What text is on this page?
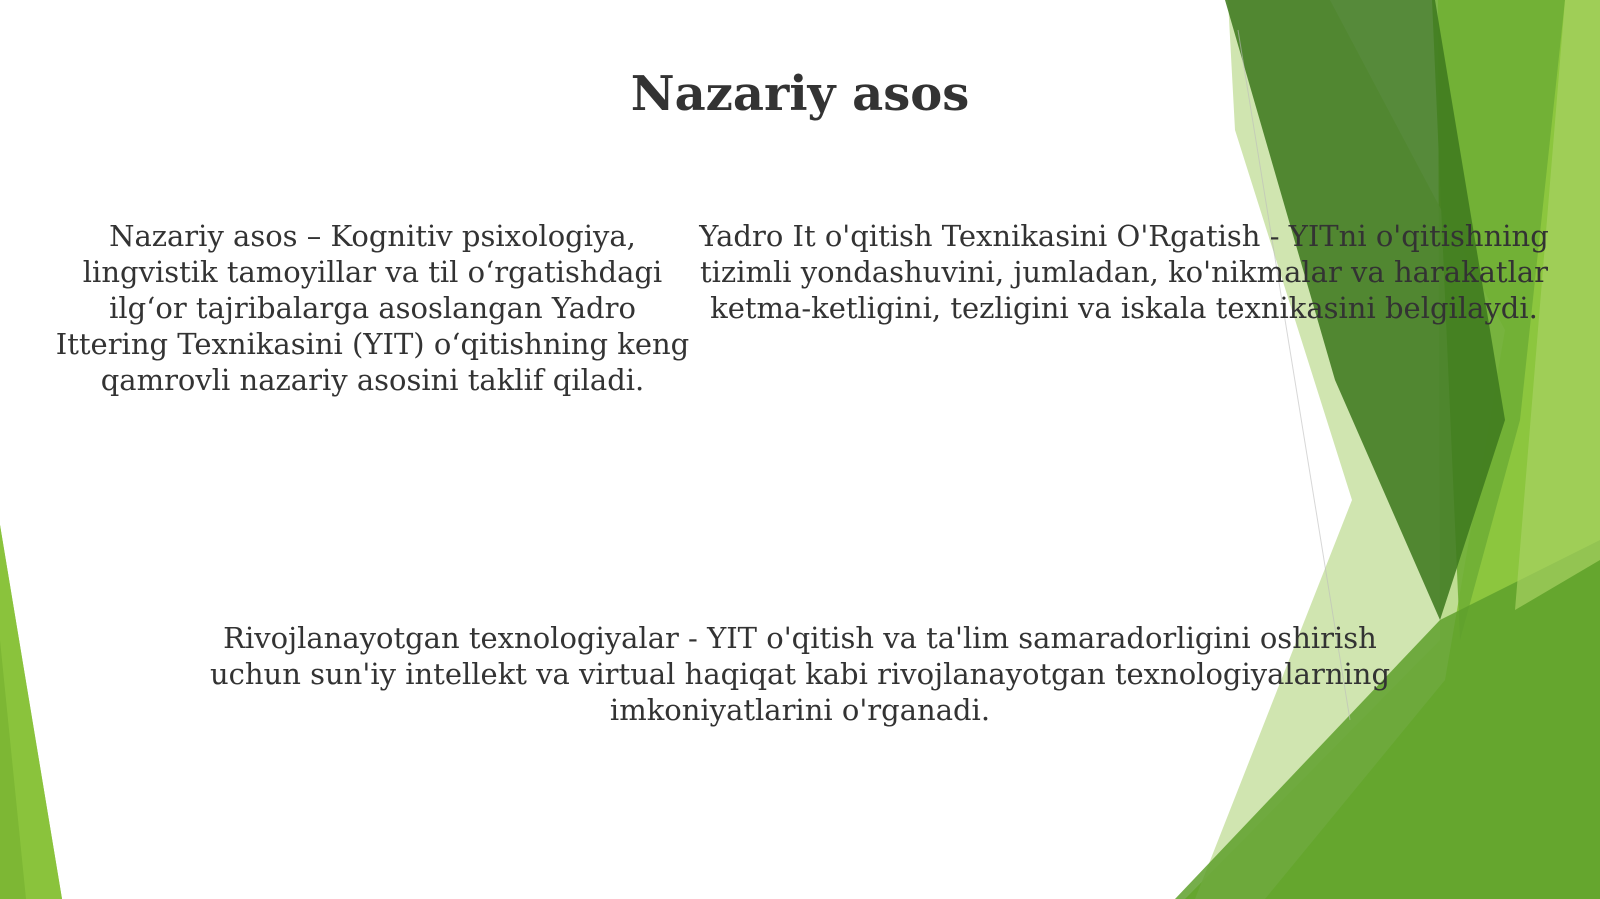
Nazariy asos

Nazariy asos – Kognitiv psixologiya, lingvistik tamoyillar va til o‘rgatishdagi ilg‘or tajribalarga asoslangan Yadro Ittering Texnikasini (YIT) o‘qitishning keng qamrovli nazariy asosini taklif qiladi.

Yadro It o'qitish Texnikasini O'Rgatish - YITni o'qitishning tizimli yondashuvini, jumladan, ko'nikmalar va harakatlar ketma-ketligini, tezligini va iskala texnikasini belgilaydi.

Rivojlanayotgan texnologiyalar - YIT o'qitish va ta'lim samaradorligini oshirish uchun sun'iy intellekt va virtual haqiqat kabi rivojlanayotgan texnologiyalarning imkoniyatlarini o'rganadi.
